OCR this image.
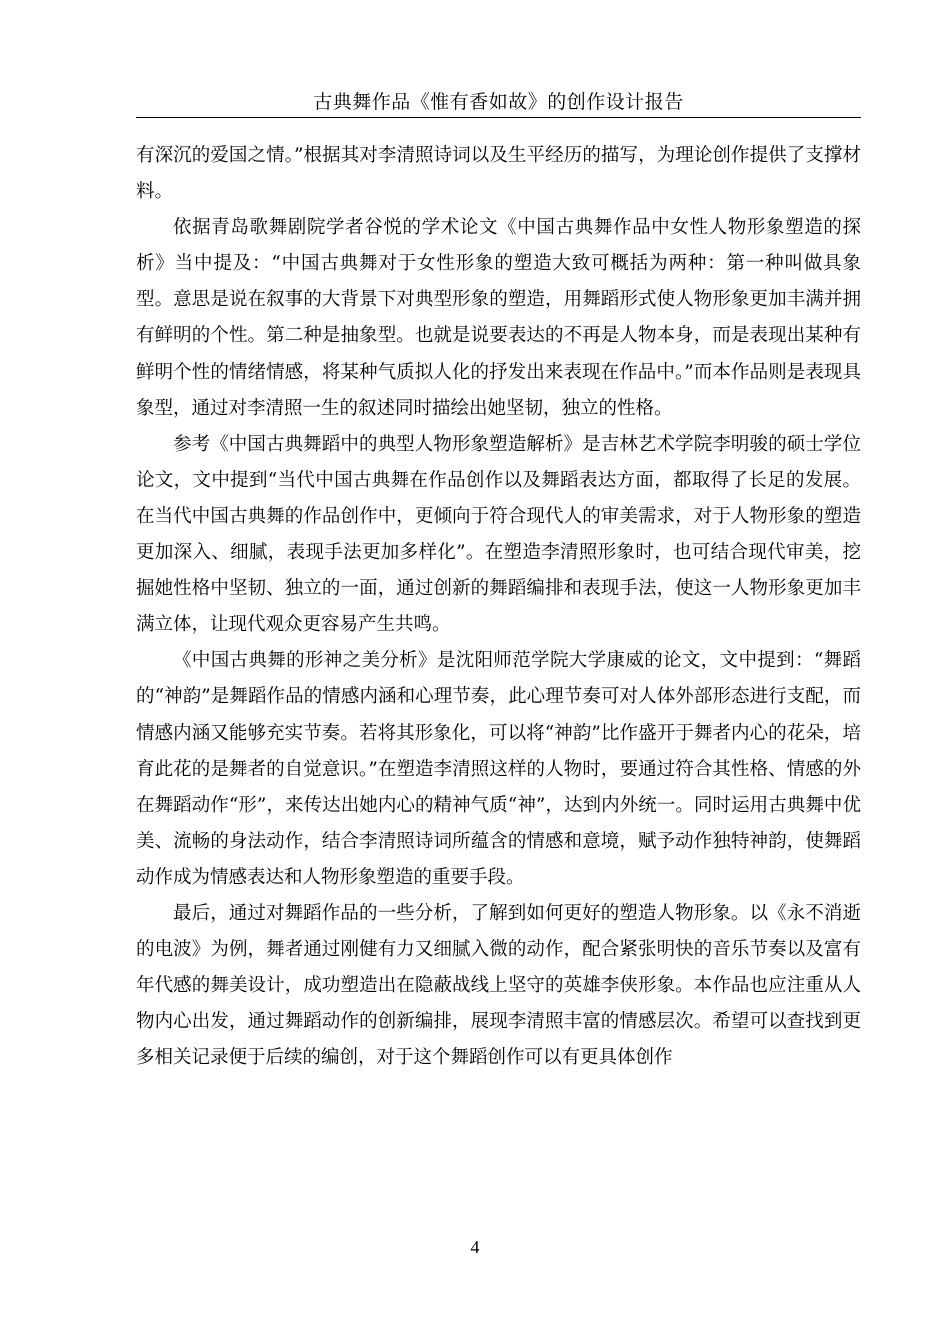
古典舞作品《惟有香如故》的创作设计报告

有深沉的爱国之情。”根据其对李清照诗词以及生平经历的描写，为理论创作提供了支撑材料。

依据青岛歌舞剧院学者谷悦的学术论文《中国古典舞作品中女性人物形象塑造的探析》当中提及：“中国古典舞对于女性形象的塑造大致可概括为两种：第一种叫做具象型。意思是说在叙事的大背景下对典型形象的塑造，用舞蹈形式使人物形象更加丰满并拥有鲜明的个性。第二种是抽象型。也就是说要表达的不再是人物本身，而是表现出某种有鲜明个性的情绪情感，将某种气质拟人化的抒发出来表现在作品中。”而本作品则是表现具象型，通过对李清照一生的叙述同时描绘出她坚韧，独立的性格。

参考《中国古典舞蹈中的典型人物形象塑造解析》是吉林艺术学院李明骏的硕士学位论文，文中提到“当代中国古典舞在作品创作以及舞蹈表达方面，都取得了长足的发展。在当代中国古典舞的作品创作中，更倾向于符合现代人的审美需求，对于人物形象的塑造更加深入、细腻，表现手法更加多样化”。在塑造李清照形象时，也可结合现代审美，挖掘她性格中坚韧、独立的一面，通过创新的舞蹈编排和表现手法，使这一人物形象更加丰满立体，让现代观众更容易产生共鸣。

《中国古典舞的形神之美分析》是沈阳师范学院大学康威的论文，文中提到：“舞蹈的“神韵”是舞蹈作品的情感内涵和心理节奏，此心理节奏可对人体外部形态进行支配，而情感内涵又能够充实节奏。若将其形象化，可以将“神韵”比作盛开于舞者内心的花朵，培育此花的是舞者的自觉意识。”在塑造李清照这样的人物时，要通过符合其性格、情感的外在舞蹈动作“形”，来传达出她内心的精神气质“神”，达到内外统一。同时运用古典舞中优美、流畅的身法动作，结合李清照诗词所蕴含的情感和意境，赋予动作独特神韵，使舞蹈动作成为情感表达和人物形象塑造的重要手段。

最后，通过对舞蹈作品的一些分析，了解到如何更好的塑造人物形象。以《永不消逝的电波》为例，舞者通过刚健有力又细腻入微的动作，配合紧张明快的音乐节奏以及富有年代感的舞美设计，成功塑造出在隐蔽战线上坚守的英雄李侠形象。本作品也应注重从人物内心出发，通过舞蹈动作的创新编排，展现李清照丰富的情感层次。希望可以查找到更多相关记录便于后续的编创，对于这个舞蹈创作可以有更具体创作

4
